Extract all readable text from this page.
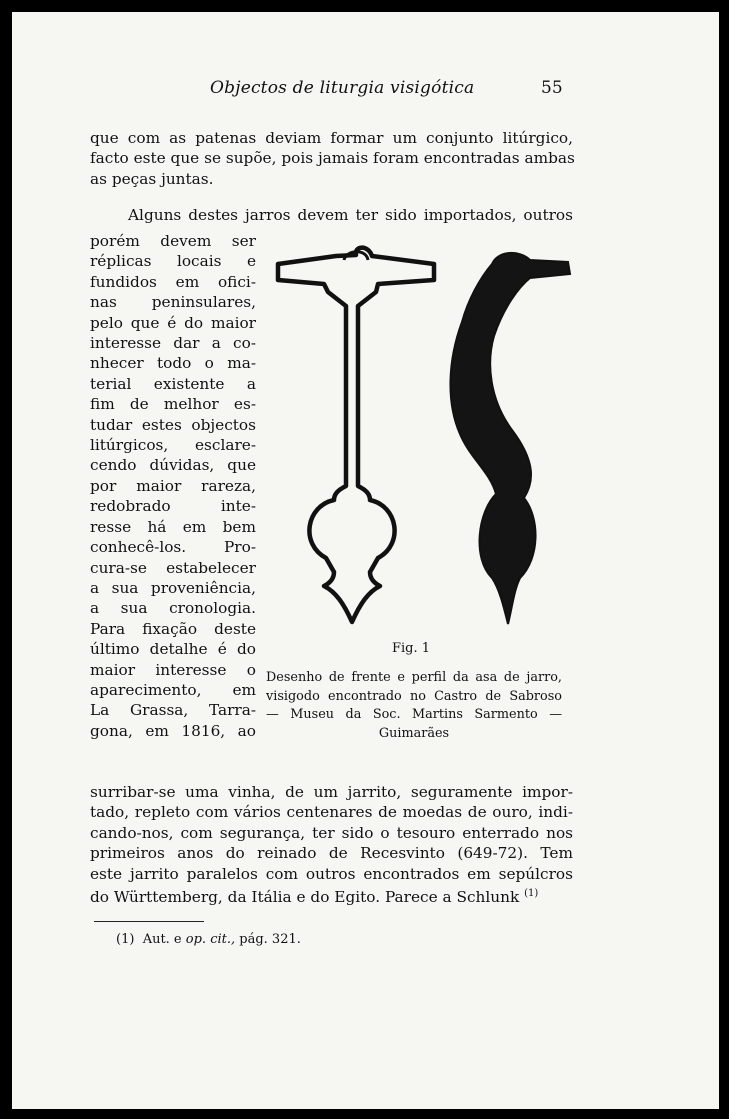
Objectos de liturgia visigótica	55
que com as patenas deviam formar um conjunto litúrgico,
facto este que se supõe, pois jamais foram encontradas ambas
as peças juntas.
Alguns destes jarros devem ter sido importados, outros
porém devem ser
réplicas locais e
fundidos em ofici-
nas peninsulares,
pelo que é do maior
interesse dar a co-
nhecer todo o ma-
terial existente a
fim de melhor es-
tudar estes objectos
litúrgicos, esclare-
cendo dúvidas, que
por maior rareza,
redobrado inte-
resse há em bem
conhecê-los. Pro-
cura-se estabelecer
a sua proveniência,
a sua cronologia.
Para fixação deste
último detalhe é do
maior interesse o
aparecimento, em
La Grassa, Tarra-
gona, em 1816, ao
Fig. 1
Desenho de frente e perfil da asa de jarro,
visigodo encontrado no Castro de Sabroso
— Museu da Soc. Martins Sarmento —
Guimarães
surribar-se uma vinha, de um jarrito, seguramente impor-
tado, repleto com vários centenares de moedas de ouro, indi-
cando-nos, com segurança, ter sido o tesouro enterrado nos
primeiros anos do reinado de Recesvinto (649-72). Tem
este jarrito paralelos com outros encontrados em sepúlcros
do Württemberg, da Itália e do Egito. Parece a Schlunk $^{(1)}$
(1) Aut. e op. cit., pág. 321.
